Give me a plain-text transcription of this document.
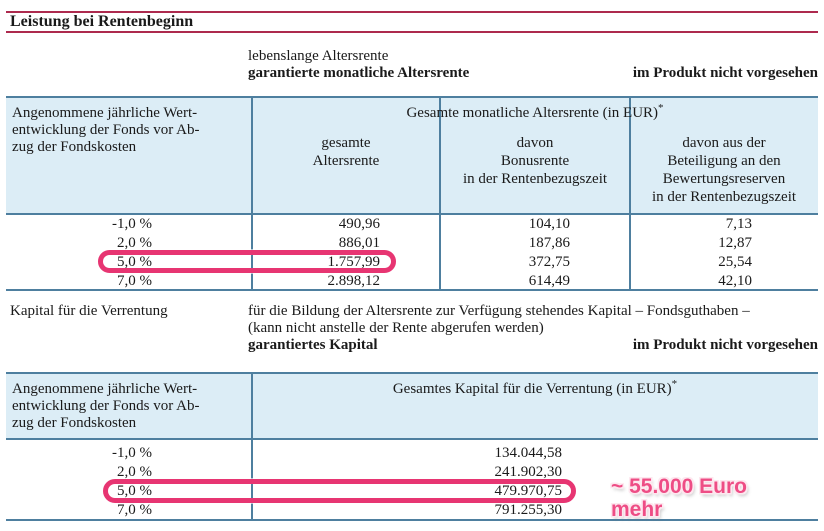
Leistung bei Rentenbeginn
lebenslange Altersrente
garantierte monatliche Altersrente	im Produkt nicht vorgesehen
Angenommene jährliche Wert-
entwicklung der Fonds vor Ab-
zug der Fondskosten
Gesamte monatliche Altersrente (in EUR)*
gesamte
Altersrente
davon
Bonusrente
in der Rentenbezugszeit
davon aus der
Beteiligung an den
Bewertungsreserven
in der Rentenbezugszeit
-1,0 %	490,96	104,10	7,13
2,0 %	886,01	187,86	12,87
5,0 %	1.757,99	372,75	25,54
7,0 %	2.898,12	614,49	42,10
Kapital für die Verrentung	für die Bildung der Altersrente zur Verfügung stehendes Kapital – Fondsguthaben –
(kann nicht anstelle der Rente abgerufen werden)
garantiertes Kapital	im Produkt nicht vorgesehen
Angenommene jährliche Wert-
entwicklung der Fonds vor Ab-
zug der Fondskosten
Gesamtes Kapital für die Verrentung (in EUR)*
-1,0 %	134.044,58
2,0 %	241.902,30
5,0 %	479.970,75
7,0 %	791.255,30
~ 55.000 Euro
mehr
